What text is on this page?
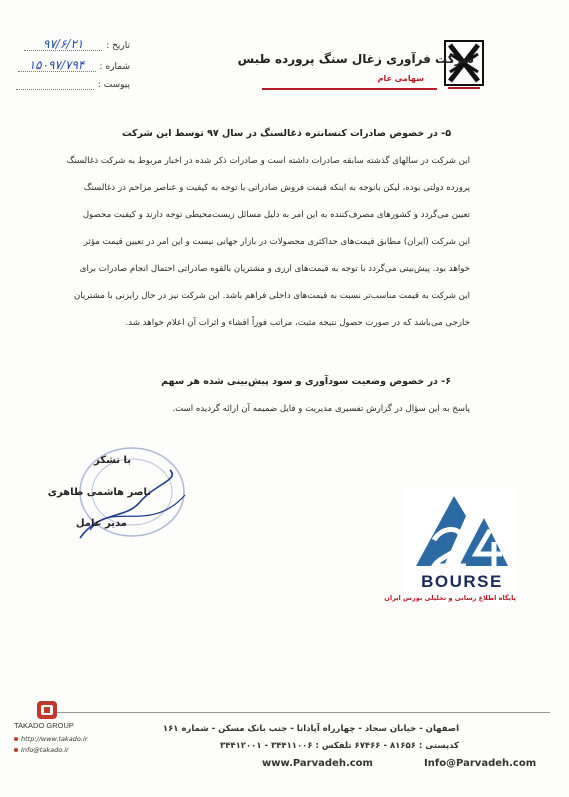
شرکت فرآوری زغال سنگ پرورده طبس
سهامی عام
تاریخ :۹۷/۶/۲۱
شماره :۱۵۰۹۷/۷۹۴
پیوست :
۵- در خصوص صادرات کنسانتره ذغالسنگ در سال ۹۷ توسط این شرکت
این شرکت در سالهای گذشته سابقه صادرات داشته است و صادرات ذکر شده در اخبار مربوط به شرکت ذغالسنگ
پرورده دولتی بوده، لیکن باتوجه به اینکه قیمت فروش صادراتی با توجه به کیفیت و عناصر مزاحم در ذغالسنگ
تعیین می‌گردد و کشورهای مصرف‌کننده به این امر به دلیل مسائل زیست‌محیطی توجه دارند و کیفیت محصول
این شرکت (ایران) مطابق قیمت‌های حداکثری محصولات در بازار جهانی نیست و این امر در تعیین قیمت مؤثر
خواهد بود. پیش‌بینی می‌گردد با توجه به قیمت‌های ارزی و مشتریان بالقوه صادراتی احتمال انجام صادرات برای
این شرکت به قیمت مناسب‌تر نسبت به قیمت‌های داخلی فراهم باشد. این شرکت نیز در حال رایزنی با مشتریان
خارجی می‌باشد که در صورت حصول نتیجه مثبت، مراتب فوراً افشاء و اثرات آن اعلام خواهد شد.
۶- در خصوص وضعیت سودآوری و سود پیش‌بینی شده هر سهم
پاسخ به این سؤال در گزارش تفسیری مدیریت و فایل ضمیمه آن ارائه گردیده است.
با تشکر
ناصر هاشمی طاهری
مدیر عامل
BOURSE
پایگاه اطلاع رسانی و تحلیلی بورس ایران
اصفهان - خیابان سجاد - چهارراه آپادانا - جنب بانک مسکن - شماره ۱۶۱
کدپستی : ۸۱۶۵۶ - ۶۷۴۶۶ تلفکس : ۳۴۴۱۱۰۰۶ - ۳۴۴۱۲۰۰۱
www.Parvadeh.com	Info@Parvadeh.com
TAKADO GROUP
http://www.takado.ir
Info@takado.ir
